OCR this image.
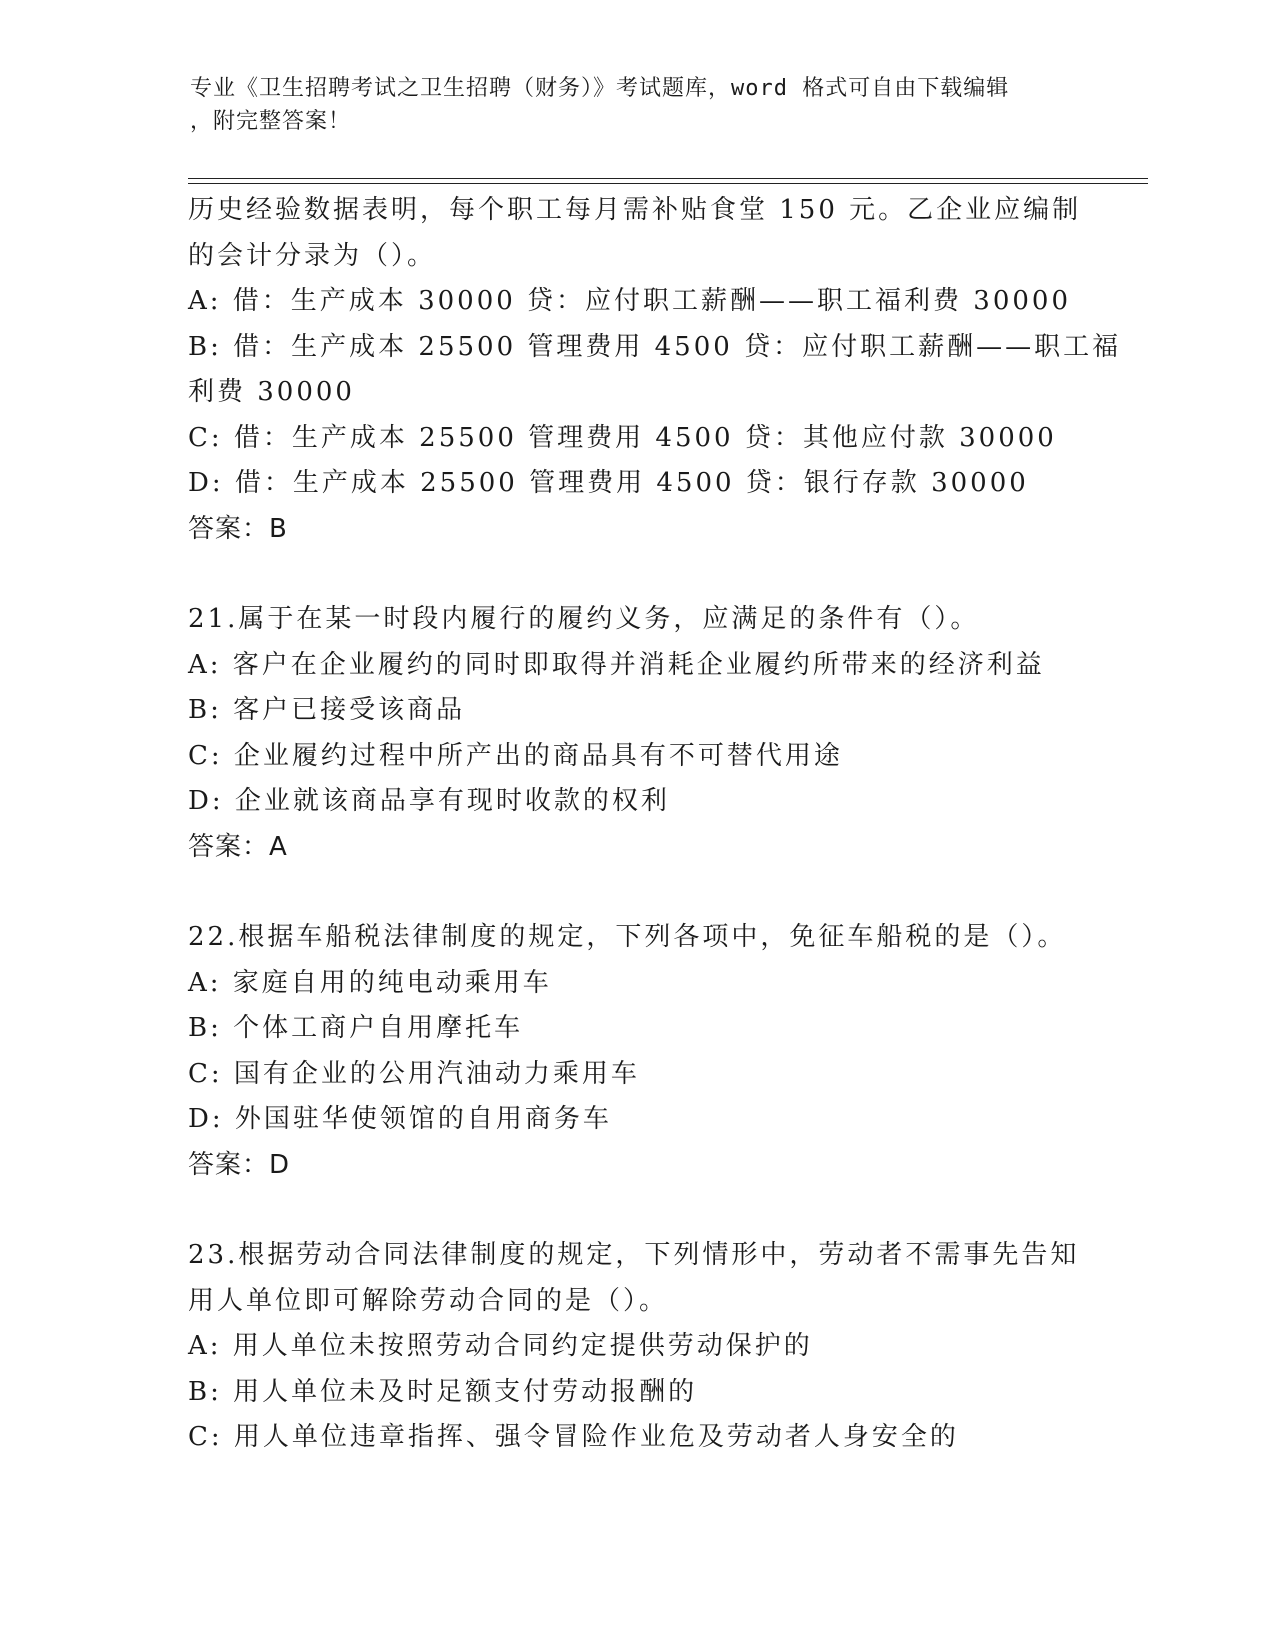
专业《卫生招聘考试之卫生招聘（财务）》考试题库，word 格式可自由下载编辑
，附完整答案！
历史经验数据表明，每个职工每月需补贴食堂 150 元。乙企业应编制
的会计分录为（）。
A: 借：生产成本 30000 贷：应付职工薪酬——职工福利费 30000
B: 借：生产成本 25500 管理费用 4500 贷：应付职工薪酬——职工福
利费 30000
C: 借：生产成本 25500 管理费用 4500 贷：其他应付款 30000
D: 借：生产成本 25500 管理费用 4500 贷：银行存款 30000
答案：B
21.属于在某一时段内履行的履约义务，应满足的条件有（）。
A: 客户在企业履约的同时即取得并消耗企业履约所带来的经济利益
B: 客户已接受该商品
C: 企业履约过程中所产出的商品具有不可替代用途
D: 企业就该商品享有现时收款的权利
答案：A
22.根据车船税法律制度的规定，下列各项中，免征车船税的是（）。
A: 家庭自用的纯电动乘用车
B: 个体工商户自用摩托车
C: 国有企业的公用汽油动力乘用车
D: 外国驻华使领馆的自用商务车
答案：D
23.根据劳动合同法律制度的规定，下列情形中，劳动者不需事先告知
用人单位即可解除劳动合同的是（）。
A: 用人单位未按照劳动合同约定提供劳动保护的
B: 用人单位未及时足额支付劳动报酬的
C: 用人单位违章指挥、强令冒险作业危及劳动者人身安全的
